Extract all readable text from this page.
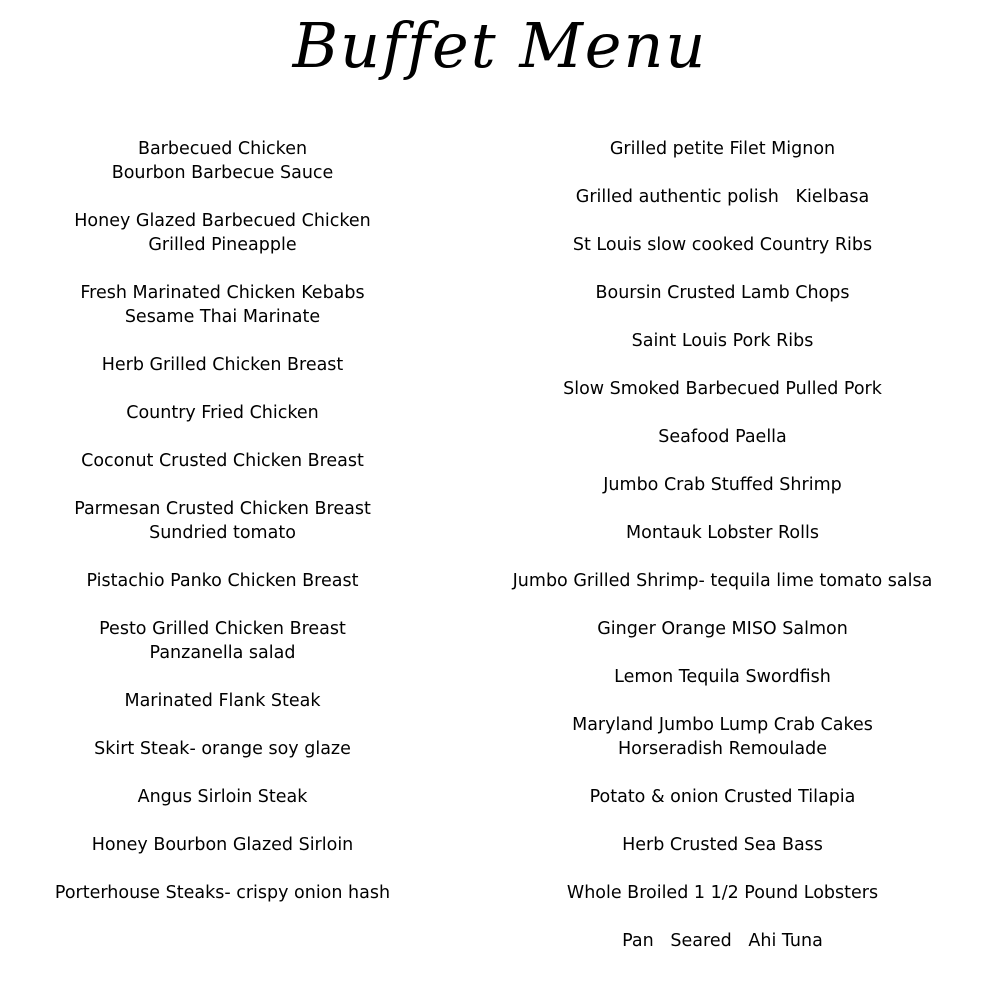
Buffet Menu
Barbecued Chicken
Bourbon Barbecue Sauce
Honey Glazed Barbecued Chicken
Grilled Pineapple
Fresh Marinated Chicken Kebabs
Sesame Thai Marinate
Herb Grilled Chicken Breast
Country Fried Chicken
Coconut Crusted Chicken Breast
Parmesan Crusted Chicken Breast
Sundried tomato
Pistachio Panko Chicken Breast
Pesto Grilled Chicken Breast
Panzanella salad
Marinated Flank Steak
Skirt Steak- orange soy glaze
Angus Sirloin Steak
Honey Bourbon Glazed Sirloin
Porterhouse Steaks- crispy onion hash
Grilled petite Filet Mignon
Grilled authentic polish   Kielbasa
St Louis slow cooked Country Ribs
Boursin Crusted Lamb Chops
Saint Louis Pork Ribs
Slow Smoked Barbecued Pulled Pork
Seafood Paella
Jumbo Crab Stuffed Shrimp
Montauk Lobster Rolls
Jumbo Grilled Shrimp- tequila lime tomato salsa
Ginger Orange MISO Salmon
Lemon Tequila Swordfish
Maryland Jumbo Lump Crab Cakes
Horseradish Remoulade
Potato & onion Crusted Tilapia
Herb Crusted Sea Bass
Whole Broiled 1 1/2 Pound Lobsters
Pan   Seared   Ahi Tuna
